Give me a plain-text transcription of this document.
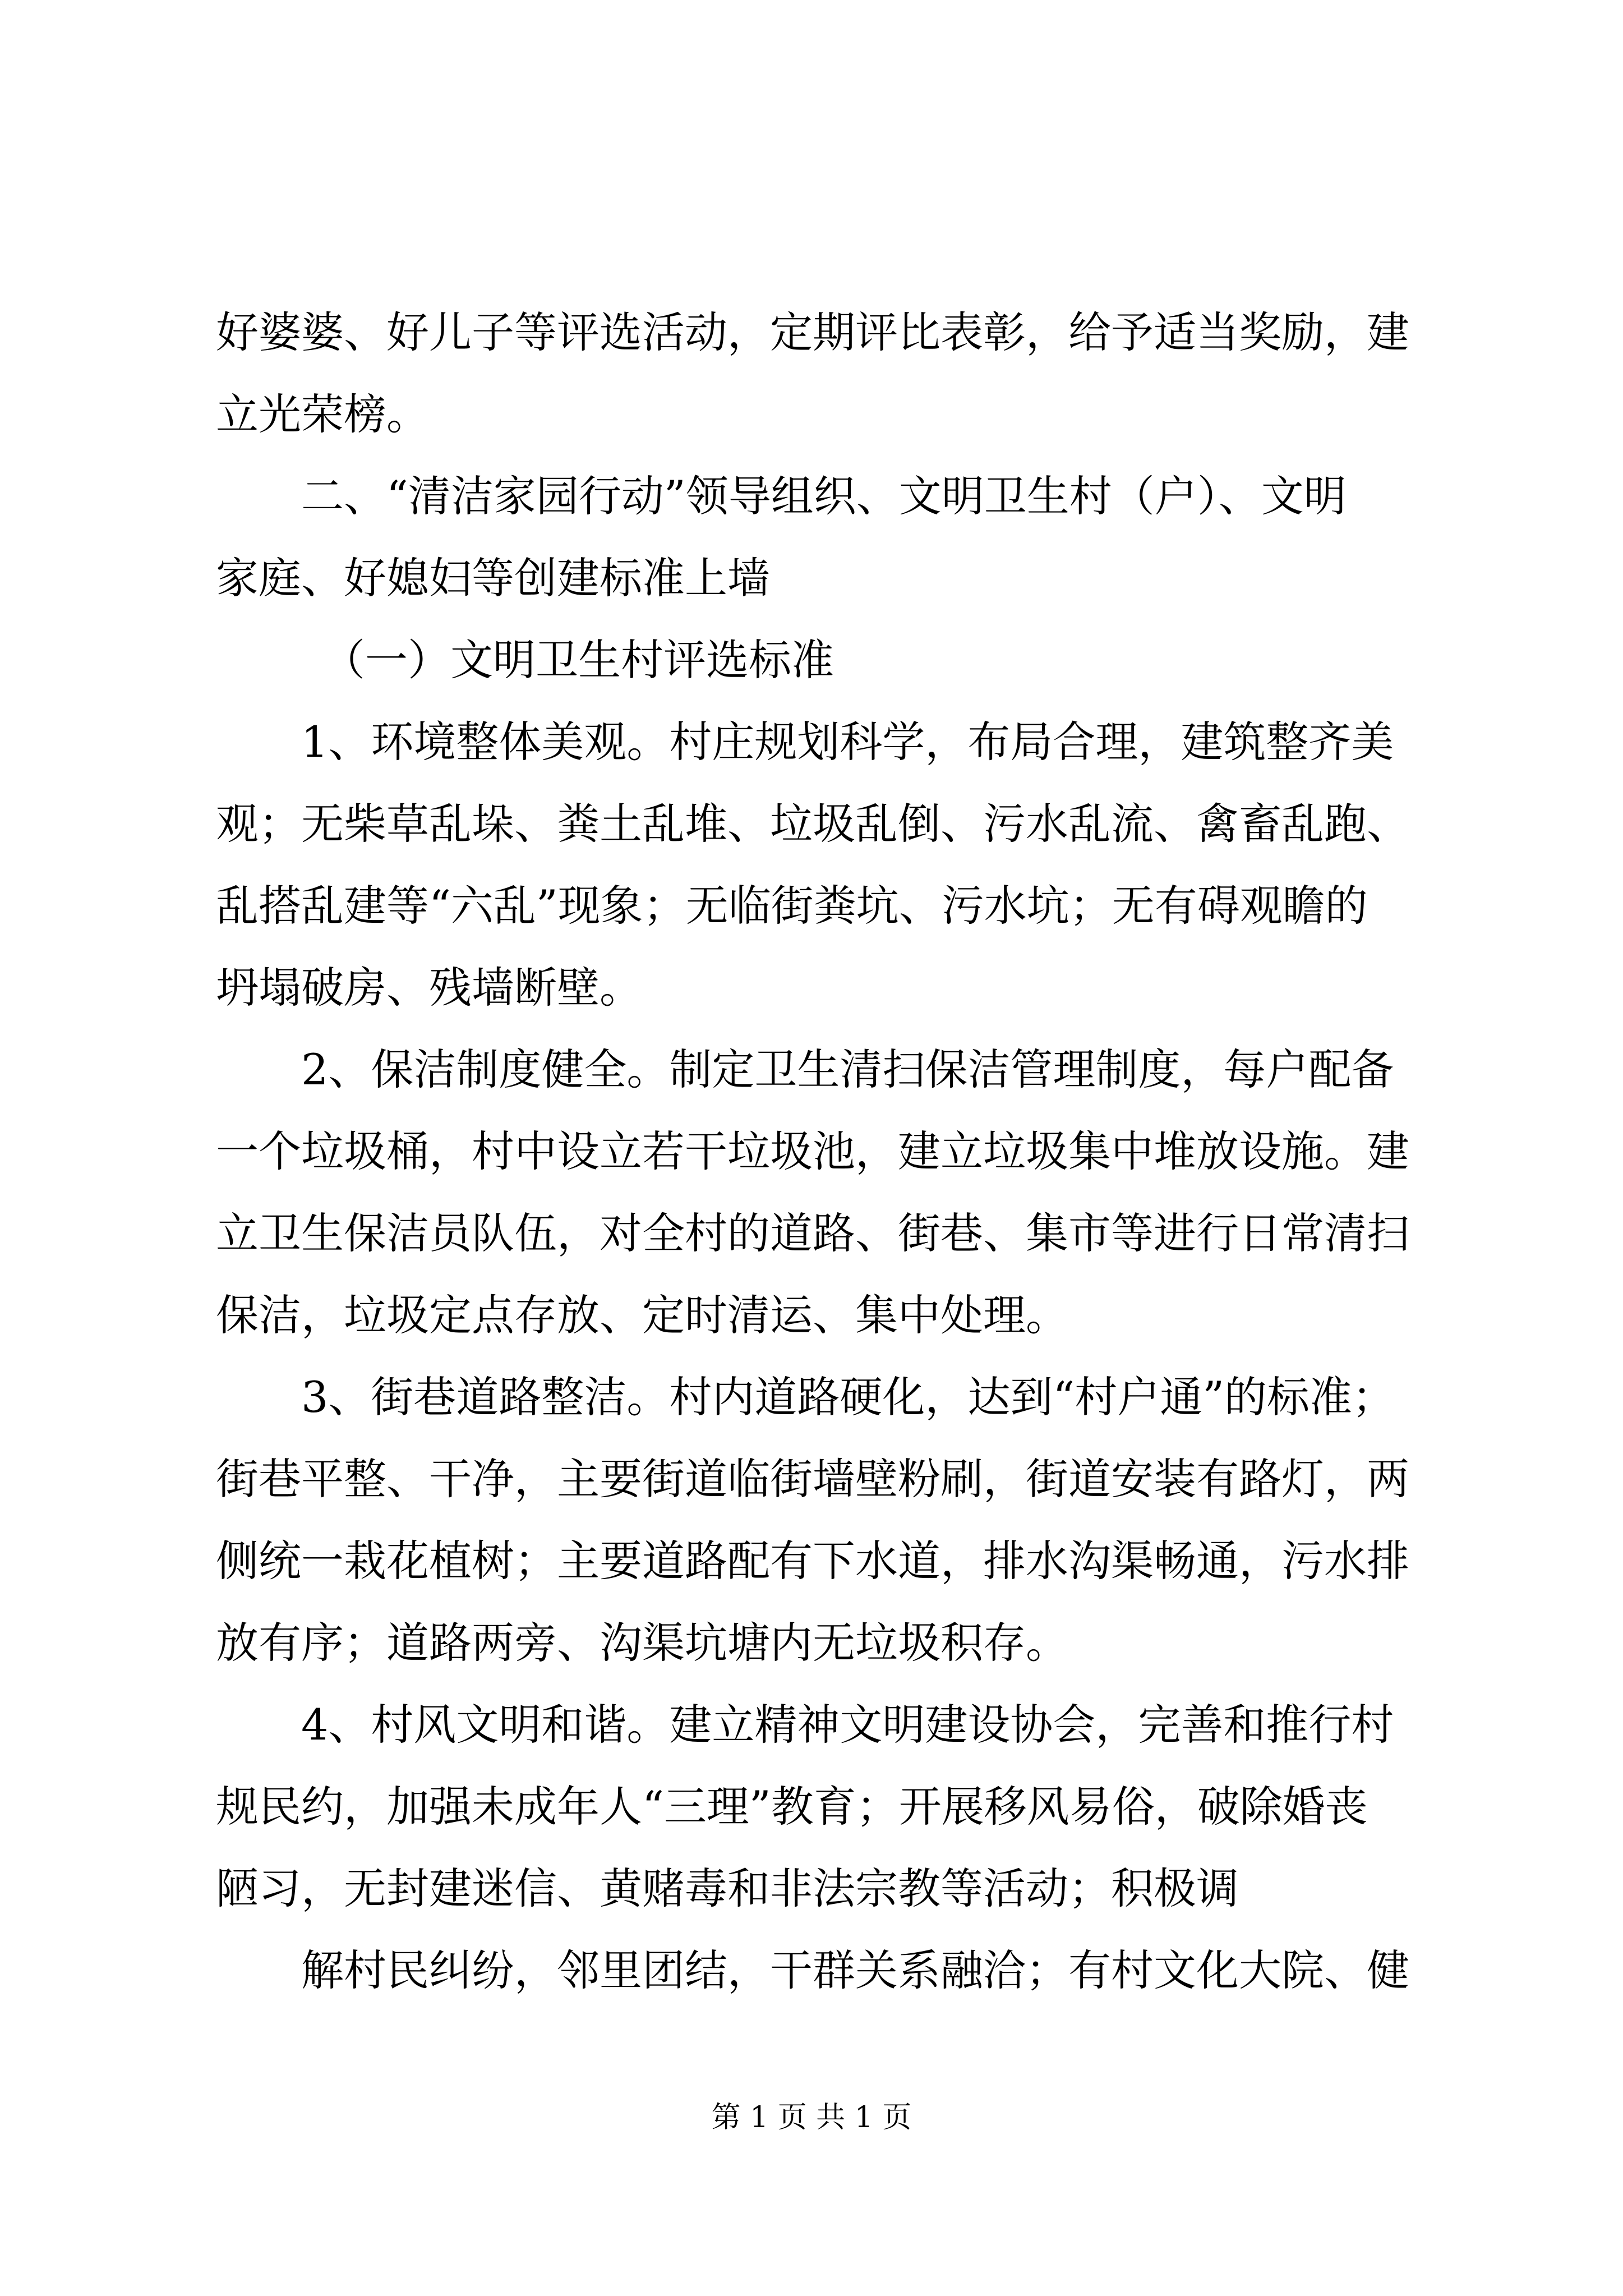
好婆婆、好儿子等评选活动，定期评比表彰，给予适当奖励，建
立光荣榜。
二、“清洁家园行动”领导组织、文明卫生村（户）、文明
家庭、好媳妇等创建标准上墙
（一）文明卫生村评选标准
1、环境整体美观。村庄规划科学，布局合理，建筑整齐美
观；无柴草乱垛、粪土乱堆、垃圾乱倒、污水乱流、禽畜乱跑、
乱搭乱建等“六乱”现象；无临街粪坑、污水坑；无有碍观瞻的
坍塌破房、残墙断壁。
2、保洁制度健全。制定卫生清扫保洁管理制度，每户配备
一个垃圾桶，村中设立若干垃圾池，建立垃圾集中堆放设施。建
立卫生保洁员队伍，对全村的道路、街巷、集市等进行日常清扫
保洁，垃圾定点存放、定时清运、集中处理。
3、街巷道路整洁。村内道路硬化，达到“村户通”的标准；
街巷平整、干净，主要街道临街墙壁粉刷，街道安装有路灯，两
侧统一栽花植树；主要道路配有下水道，排水沟渠畅通，污水排
放有序；道路两旁、沟渠坑塘内无垃圾积存。
4、村风文明和谐。建立精神文明建设协会，完善和推行村
规民约，加强未成年人“三理”教育；开展移风易俗，破除婚丧
陋习，无封建迷信、黄赌毒和非法宗教等活动；积极调
解村民纠纷，邻里团结，干群关系融洽；有村文化大院、健
第 1 页 共 1 页
